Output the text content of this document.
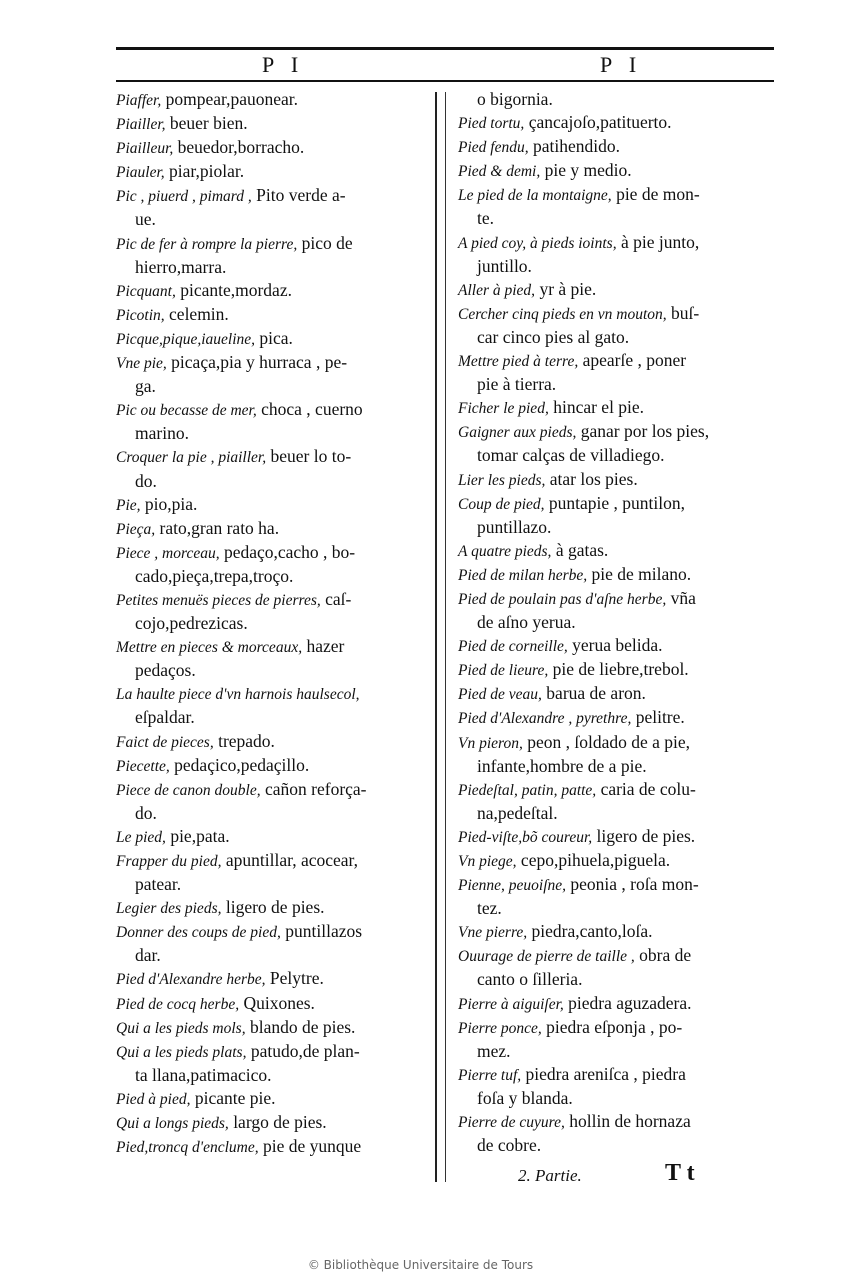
P I	P I
Piaffer, pompear,pauonear.
Piailler, beuer bien.
Piailleur, beuedor,borracho.
Piauler, piar,piolar.
Pic , piuerd , pimard , Pito verde a-
ue.
Pic de fer à rompre la pierre, pico de
hierro,marra.
Picquant, picante,mordaz.
Picotin, celemin.
Picque,pique,iaueline, pica.
Vne pie, picaça,pia y hurraca , pe-
ga.
Pic ou becasse de mer, choca , cuerno
marino.
Croquer la pie , piailler, beuer lo to-
do.
Pie, pio,pia.
Pieça, rato,gran rato ha.
Piece , morceau, pedaço,cacho , bo-
cado,pieça,trepa,troço.
Petites menuës pieces de pierres, caſ-
cojo,pedrezicas.
Mettre en pieces & morceaux, hazer
pedaços.
La haulte piece d'vn harnois haulsecol,
eſpaldar.
Faict de pieces, trepado.
Piecette, pedaçico,pedaçillo.
Piece de canon double, cañon reforça-
do.
Le pied, pie,pata.
Frapper du pied, apuntillar, acocear,
patear.
Legier des pieds, ligero de pies.
Donner des coups de pied, puntillazos
dar.
Pied d'Alexandre herbe, Pelytre.
Pied de cocq herbe, Quixones.
Qui a les pieds mols, blando de pies.
Qui a les pieds plats, patudo,de plan-
ta llana,patimacico.
Pied à pied, picante pie.
Qui a longs pieds, largo de pies.
Pied,troncq d'enclume, pie de yunque
o bigornia.
Pied tortu, çancajoſo,patituerto.
Pied fendu, patihendido.
Pied & demi, pie y medio.
Le pied de la montaigne, pie de mon-
te.
A pied coy, à pieds ioints, à pie junto,
juntillo.
Aller à pied, yr à pie.
Cercher cinq pieds en vn mouton, buſ-
car cinco pies al gato.
Mettre pied à terre, apearſe , poner
pie à tierra.
Ficher le pied, hincar el pie.
Gaigner aux pieds, ganar por los pies,
tomar calças de villadiego.
Lier les pieds, atar los pies.
Coup de pied, puntapie , puntilon,
puntillazo.
A quatre pieds, à gatas.
Pied de milan herbe, pie de milano.
Pied de poulain pas d'aſne herbe, vña
de aſno yerua.
Pied de corneille, yerua belida.
Pied de lieure, pie de liebre,trebol.
Pied de veau, barua de aron.
Pied d'Alexandre , pyrethre, pelitre.
Vn pieron, peon , ſoldado de a pie,
infante,hombre de a pie.
Piedeſtal, patin, patte, caria de colu-
na,pedeſtal.
Pied-viſte,bõ coureur, ligero de pies.
Vn piege, cepo,pihuela,piguela.
Pienne, peuoiſne, peonia , roſa mon-
tez.
Vne pierre, piedra,canto,loſa.
Ouurage de pierre de taille , obra de
canto o ſilleria.
Pierre à aiguiſer, piedra aguzadera.
Pierre ponce, piedra eſponja , po-
mez.
Pierre tuf, piedra areniſca , piedra
foſa y blanda.
Pierre de cuyure, hollin de hornaza
de cobre.
2. Partie.	T t
© Bibliothèque Universitaire de Tours
